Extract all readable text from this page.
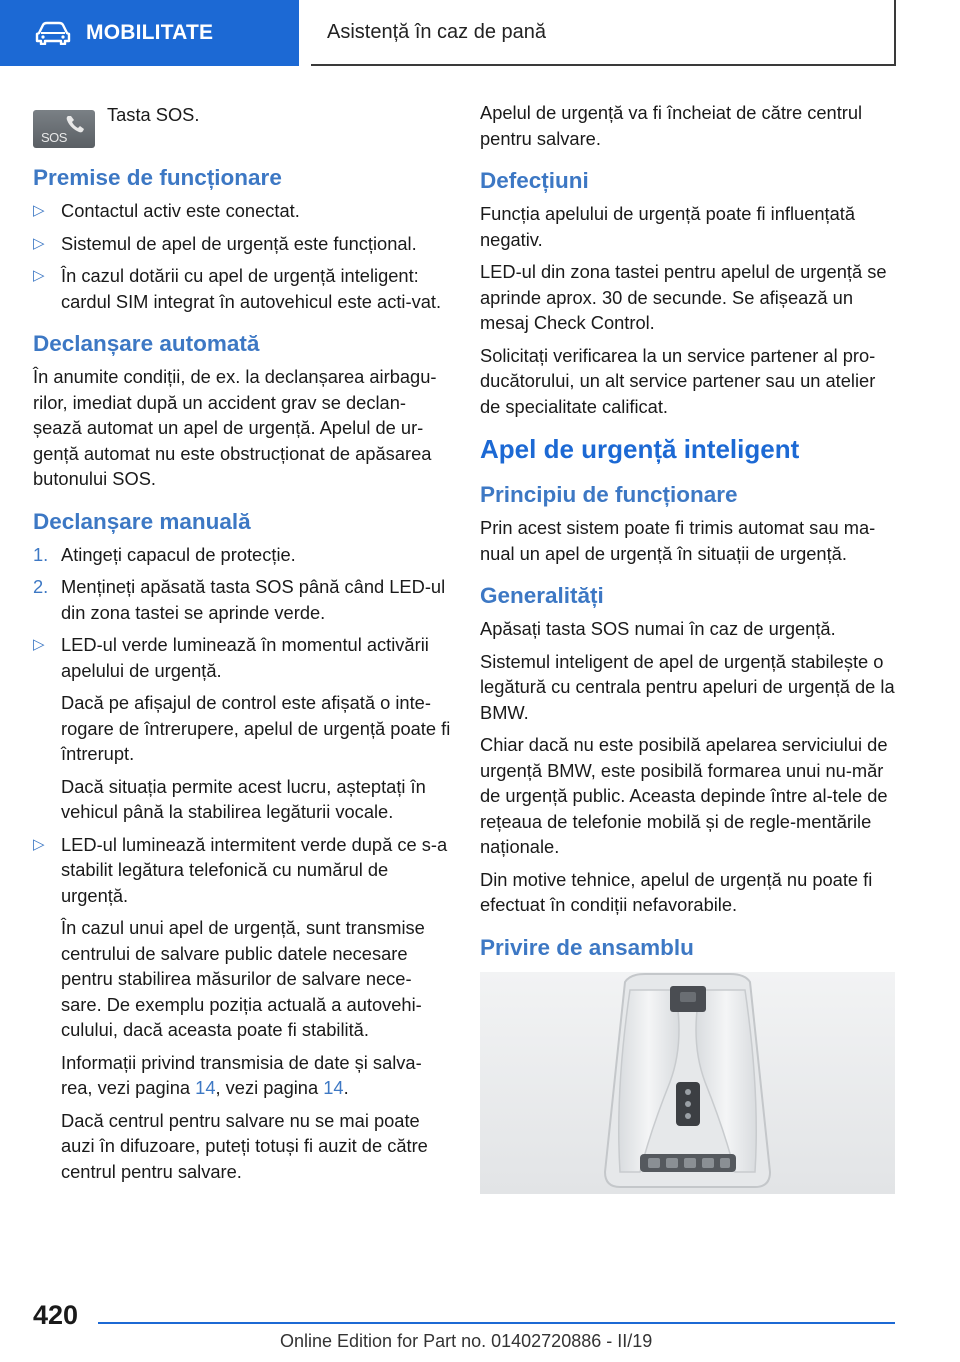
MOBILITATE	Asistență în caz de pană
SOS
Tasta SOS.
Premise de funcționare
▷ Contactul activ este conectat.
▷ Sistemul de apel de urgență este funcțional.
▷ În cazul dotării cu apel de urgență inteligent: cardul SIM integrat în autovehicul este acti-vat.
Declanșare automată

În anumite condiții, de ex. la declanșarea airbagu-rilor, imediat după un accident grav se declan-șează automat un apel de urgență. Apelul de ur-gență automat nu este obstrucționat de apăsarea butonului SOS.

Declanșare manuală
1. Atingeți capacul de protecție.
2. Mențineți apăsată tasta SOS până când LED-ul din zona tastei se aprinde verde.
▷ LED-ul verde luminează în momentul activării apelului de urgență.

Dacă pe afișajul de control este afișată o inte-rogare de întrerupere, apelul de urgență poate fi întrerupt.

Dacă situația permite acest lucru, așteptați în vehicul până la stabilirea legăturii vocale.

▷ LED-ul luminează intermitent verde după ce s-a stabilit legătura telefonică cu numărul de urgență.

În cazul unui apel de urgență, sunt transmise centrului de salvare public datele necesare pentru stabilirea măsurilor de salvare nece-sare. De exemplu poziția actuală a autovehi-culului, dacă aceasta poate fi stabilită.

Informații privind transmisia de date și salva-rea, vezi pagina 14, vezi pagina 14.

Dacă centrul pentru salvare nu se mai poate auzi în difuzoare, puteți totuși fi auzit de către centrul pentru salvare.

Apelul de urgență va fi încheiat de către centrul pentru salvare.

Defecțiuni

Funcția apelului de urgență poate fi influențată negativ.

LED-ul din zona tastei pentru apelul de urgență se aprinde aprox. 30 de secunde. Se afișează un mesaj Check Control.

Solicitați verificarea la un service partener al pro-ducătorului, un alt service partener sau un atelier de specialitate calificat.

Apel de urgență inteligent
Principiu de funcționare

Prin acest sistem poate fi trimis automat sau ma-nual un apel de urgență în situații de urgență.

Generalități

Apăsați tasta SOS numai în caz de urgență.

Sistemul inteligent de apel de urgență stabilește o legătură cu centrala pentru apeluri de urgență de la BMW.

Chiar dacă nu este posibilă apelarea serviciului de urgență BMW, este posibilă formarea unui nu-măr de urgență public. Aceasta depinde între al-tele de rețeaua de telefonie mobilă și de regle-mentările naționale.

Din motive tehnice, apelul de urgență nu poate fi efectuat în condiții nefavorabile.

Privire de ansamblu
420
Online Edition for Part no. 01402720886 - II/19
